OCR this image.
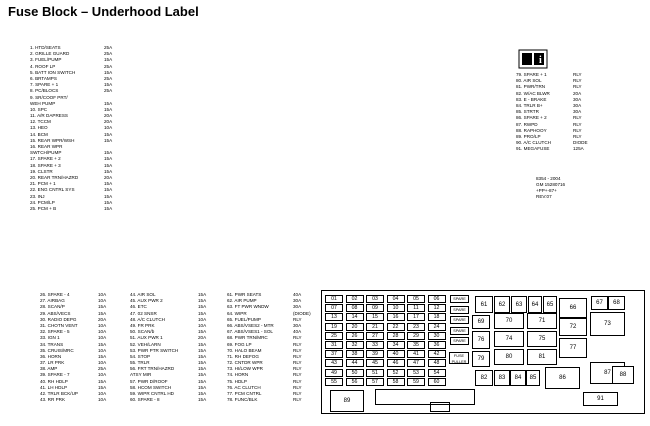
Fuse Block – Underhood Label
1. HTD/SEATS	25A
2. GRILLE GUARD	25A
3. FUEL/PUMP	15A
4. ROOF LP	25A
5. BATT ION SWITCH	15A
6. BRTAMPS	25A
7. SPARE + 1	15A
8. PC/BLOCS	25A
9. SR/COOF PRT/
WEH PUMP	15A
10. SPC	15A
11. A/R DAPRESS	20A
12. TCCM	20A
13. HEO	10A
14. BCM	15A
15. REAR WPR/WSH	15A
16. REAR WPR
SWTCH/PUMP	15A
17. SPARE + 2	15A
18. SPARE + 3	15A
19. CLSTR	15A
20. REAR TRN/HAZRD	20A
21. PCM + 1	15A
22. ENG CNTRL SYS	15A
23. INJ	15A
24. PCM/LP	15A
25. PCM + B	15A
i
79. SPARE + 1	RLY
80. AIR SOL	RLY
81. PWR/TRN	RLY
82. W/AC BLWR	20A
83. E - BRAKE	30A
84. TRLR B+	30A
85. STRTR	30A
86. SPARE + 2	RLY
87. RWPD	RLY
88. RAPHOOY	RLY
89. PRO/LP	RLY
90. A/C CLUTCH	DIODE
91. MEGAFUSE	125A
8354 - 2004
GM 15280716
+PP+-87+
REV:07
26. SPARE - 4	10A
27. AIRBAG	10A
28. SCAN/P	15A
29. ABS/VECS	15A
30. RADIO DEPG	20A
31. CHOTN VENT	10A
32. SPARE - 5	10A
33. IGN 1	10A
34. TRANS	15A
35. CRUIS/MRC	10A
36. HORN	15A
37. LR PRK	10A
38. AMP	25A
39. SPARE - 7	10A
40. RH HDLP	15A
41. LH HDLP	15A
42. TRLR BCK/UP	10A
43. RR PRK	10A
44. AIR SOL	15A
45. AUX PWR 2	15A
46. ETC	15A
47. 02 SNSR	15A
48. A/C CLUTCH	10A
49. FR PRK	10A
50. SCAN/b	15A
51. AUX PWR 1	20A
52. VEH/LARN	15A
53. PWR PTR SWITCH	15A
54. STOP	15A
55. TRLR	15A
56. FRT TRN/HAZRD	15A
ATSY MIR	15A
57. PWR D/ROOF	15A
58. HCOM SWITCH	15A
59. WIPR CNTRL HD	15A
60. SPARE - 8	15A
61. PWR SEATS	40A
62. AIR PUMP	30A
63. FT PWR WNDW	30A
64. WIPR	(DIODE)
65. FUEL/PUMP	RLY
66. ABS/VSES2 - MTR	30A
67. ABS/VSES1 - SOL	40A
68. PWR TRN/MRC	RLY
69. FOG LP	RLY
70. HALO BEAM	RLY
71. RH DEFOG	RLY
72. CNTDR WPR	RLY
73. HI/LOW WPR	RLY
74. HORN	RLY
75. HDLP	RLY
76. AC CLUTCH	RLY
77. PCM CNTRL	RLY
78. FUNC/BLK	RLY
01	02	03	04	05	06
07	08	09	10	11	12
13	14	15	16	17	18
19	20	21	22	23	24
25	26	27	28	29	30
31	32	33	34	35	36
37	38	39	40	41	42
43	44	45	46	47	48
49	50	51	52	53	54
55	56	57	58	59	60
SPARE
SPARE
SPARE
SPARE
SPARE
FUSE PULLER
61	62	63	64	65
66
67	68
69	70	71
72	73
74	75
76
77
79	80	81
82	83	84	85	86
87	88
89	91
